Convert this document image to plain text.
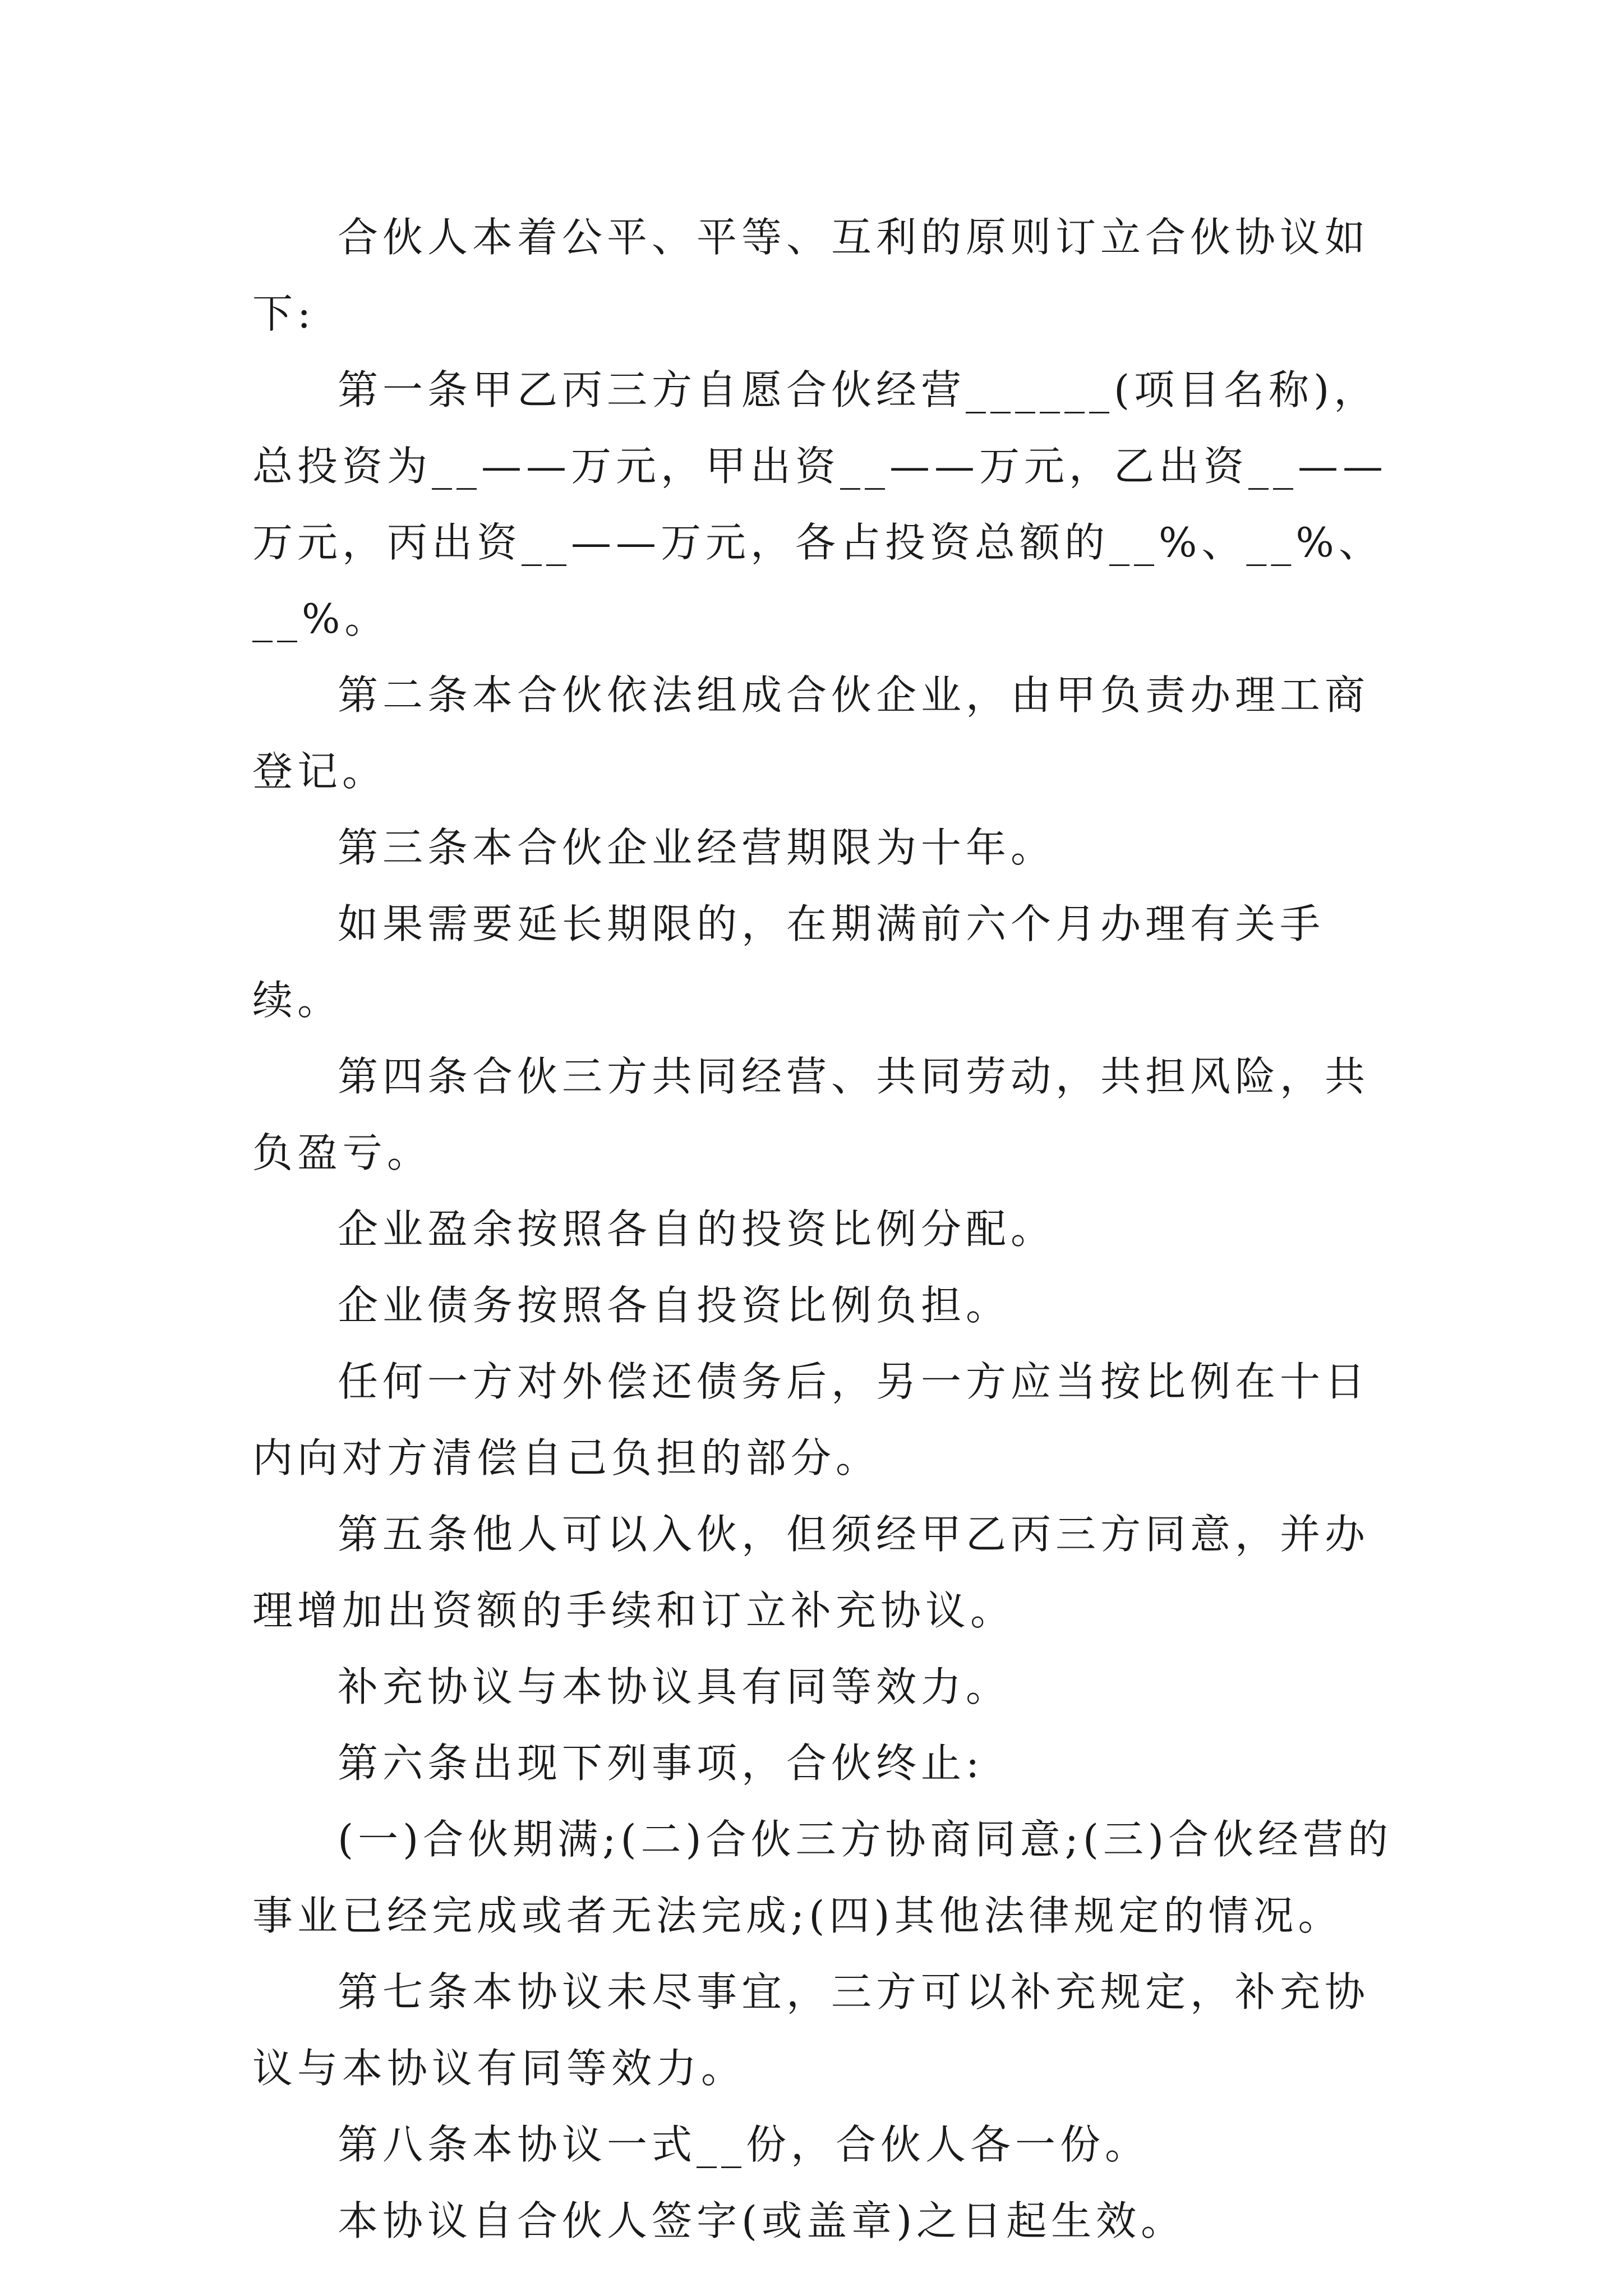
合伙人本着公平、平等、互利的原则订立合伙协议如下:

第一条甲乙丙三方自愿合伙经营______(项目名称)，总投资为__——万元，甲出资__——万元，乙出资__——万元，丙出资__——万元，各占投资总额的__%、__%、__%。

第二条本合伙依法组成合伙企业，由甲负责办理工商登记。

第三条本合伙企业经营期限为十年。

如果需要延长期限的，在期满前六个月办理有关手续。

第四条合伙三方共同经营、共同劳动，共担风险，共负盈亏。

企业盈余按照各自的投资比例分配。

企业债务按照各自投资比例负担。

任何一方对外偿还债务后，另一方应当按比例在十日内向对方清偿自己负担的部分。

第五条他人可以入伙，但须经甲乙丙三方同意，并办理增加出资额的手续和订立补充协议。

补充协议与本协议具有同等效力。

第六条出现下列事项，合伙终止:

(一)合伙期满;(二)合伙三方协商同意;(三)合伙经营的事业已经完成或者无法完成;(四)其他法律规定的情况。

第七条本协议未尽事宜，三方可以补充规定，补充协议与本协议有同等效力。

第八条本协议一式__份，合伙人各一份。

本协议自合伙人签字(或盖章)之日起生效。
